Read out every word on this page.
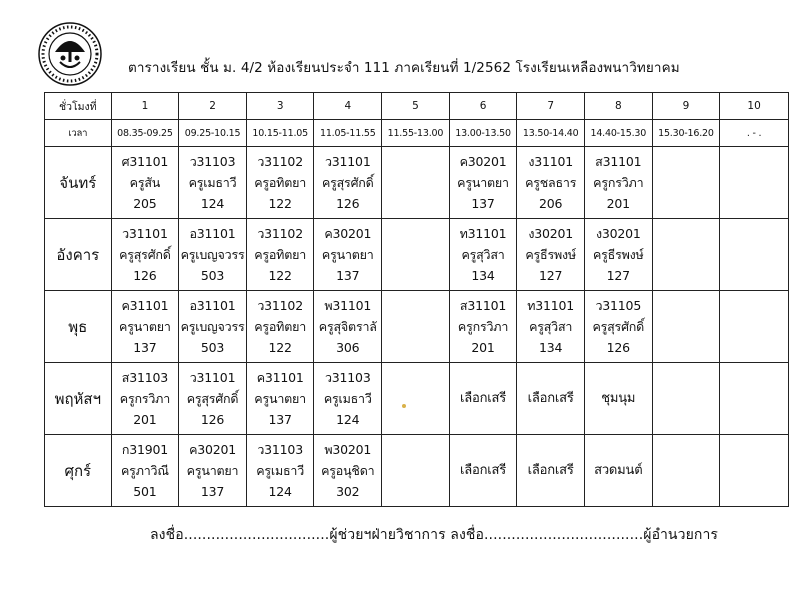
ตารางเรียน ชั้น ม. 4/2 ห้องเรียนประจำ 111 ภาคเรียนที่ 1/2562 โรงเรียนเหลืองพนาวิทยาคม
ชั่วโมงที่	1	2	3	4	5	6	7	8	9	10
เวลา	08.35-09.25	09.25-10.15	10.15-11.05	11.05-11.55	11.55-13.00	13.00-13.50	13.50-14.40	14.40-15.30	15.30-16.20	. - .
จันทร์	ศ31101
ครูสัน
205	ว31103
ครูเมธาวี
124	ว31102
ครูอทิตยา
122	ว31101
ครูสุรศักดิ์
126		ค30201
ครูนาตยา
137	ง31101
ครูชลธาร
206	ส31101
ครูกรวิภา
201		

อังคาร	ว31101
ครูสุรศักดิ์
126	อ31101
ครูเบญจวรร
503	ว31102
ครูอทิตยา
122	ค30201
ครูนาตยา
137		ท31101
ครูสุวิสา
134	ง30201
ครูธีรพงษ์
127	ง30201
ครูธีรพงษ์
127		

พุธ	ค31101
ครูนาตยา
137	อ31101
ครูเบญจวรร
503	ว31102
ครูอทิตยา
122	พ31101
ครูสุจิตราลั
306		ส31101
ครูกรวิภา
201	ท31101
ครูสุวิสา
134	ว31105
ครูสุรศักดิ์
126		

พฤหัสฯ	ส31103
ครูกรวิภา
201	ว31101
ครูสุรศักดิ์
126	ค31101
ครูนาตยา
137	ว31103
ครูเมธาวี
124		เลือกเสรี	เลือกเสรี	ชุมนุม		

ศุกร์	ก31901
ครูภาวิณี
501	ค30201
ครูนาตยา
137	ว31103
ครูเมธาวี
124	พ30201
ครูอนุชิดา
302		เลือกเสรี	เลือกเสรี	สวดมนต์		

ลงชื่อ................................ผู้ช่วยฯฝ่ายวิชาการ ลงชื่อ...................................ผู้อำนวยการ
